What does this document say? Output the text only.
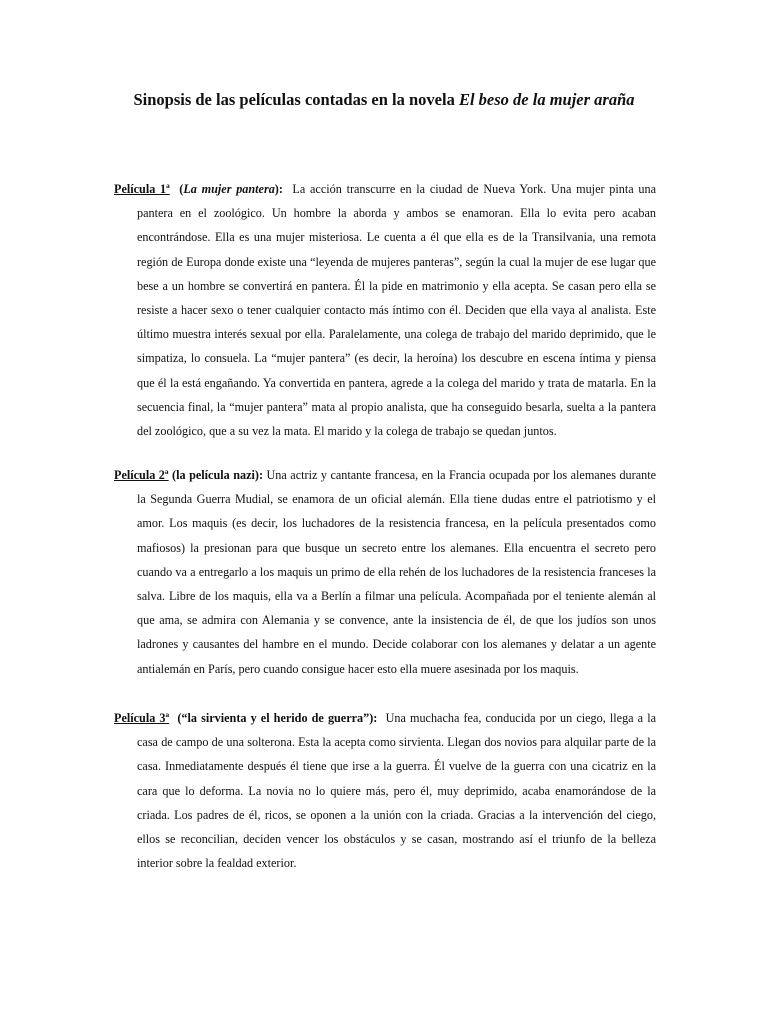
Sinopsis de las películas contadas en la novela El beso de la mujer araña
Película 1ª (La mujer pantera): La acción transcurre en la ciudad de Nueva York. Una mujer pinta una pantera en el zoológico. Un hombre la aborda y ambos se enamoran. Ella lo evita pero acaban encontrándose. Ella es una mujer misteriosa. Le cuenta a él que ella es de la Transilvania, una remota región de Europa donde existe una “leyenda de mujeres panteras”, según la cual la mujer de ese lugar que bese a un hombre se convertirá en pantera. Él la pide en matrimonio y ella acepta. Se casan pero ella se resiste a hacer sexo o tener cualquier contacto más íntimo con él. Deciden que ella vaya al analista. Este último muestra interés sexual por ella. Paralelamente, una colega de trabajo del marido deprimido, que le simpatiza, lo consuela. La “mujer pantera” (es decir, la heroína) los descubre en escena íntima y piensa que él la está engañando. Ya convertida en pantera, agrede a la colega del marido y trata de matarla. En la secuencia final, la “mujer pantera” mata al propio analista, que ha conseguido besarla, suelta a la pantera del zoológico, que a su vez la mata. El marido y la colega de trabajo se quedan juntos.
Película 2ª (la película nazi): Una actriz y cantante francesa, en la Francia ocupada por los alemanes durante la Segunda Guerra Mudial, se enamora de un oficial alemán. Ella tiene dudas entre el patriotismo y el amor. Los maquis (es decir, los luchadores de la resistencia francesa, en la película presentados como mafiosos) la presionan para que busque un secreto entre los alemanes. Ella encuentra el secreto pero cuando va a entregarlo a los maquis un primo de ella rehén de los luchadores de la resistencia franceses la salva. Libre de los maquis, ella va a Berlín a filmar una película. Acompañada por el teniente alemán al que ama, se admira con Alemania y se convence, ante la insistencia de él, de que los judíos son unos ladrones y causantes del hambre en el mundo. Decide colaborar con los alemanes y delatar a un agente antialemán en París, pero cuando consigue hacer esto ella muere asesinada por los maquis.
Película 3ª (“la sirvienta y el herido de guerra”): Una muchacha fea, conducida por un ciego, llega a la casa de campo de una solterona. Esta la acepta como sirvienta. Llegan dos novios para alquilar parte de la casa. Inmediatamente después él tiene que irse a la guerra. Él vuelve de la guerra con una cicatriz en la cara que lo deforma. La novia no lo quiere más, pero él, muy deprimido, acaba enamorándose de la criada. Los padres de él, ricos, se oponen a la unión con la criada. Gracias a la intervención del ciego, ellos se reconcilian, deciden vencer los obstáculos y se casan, mostrando así el triunfo de la belleza interior sobre la fealdad exterior.
